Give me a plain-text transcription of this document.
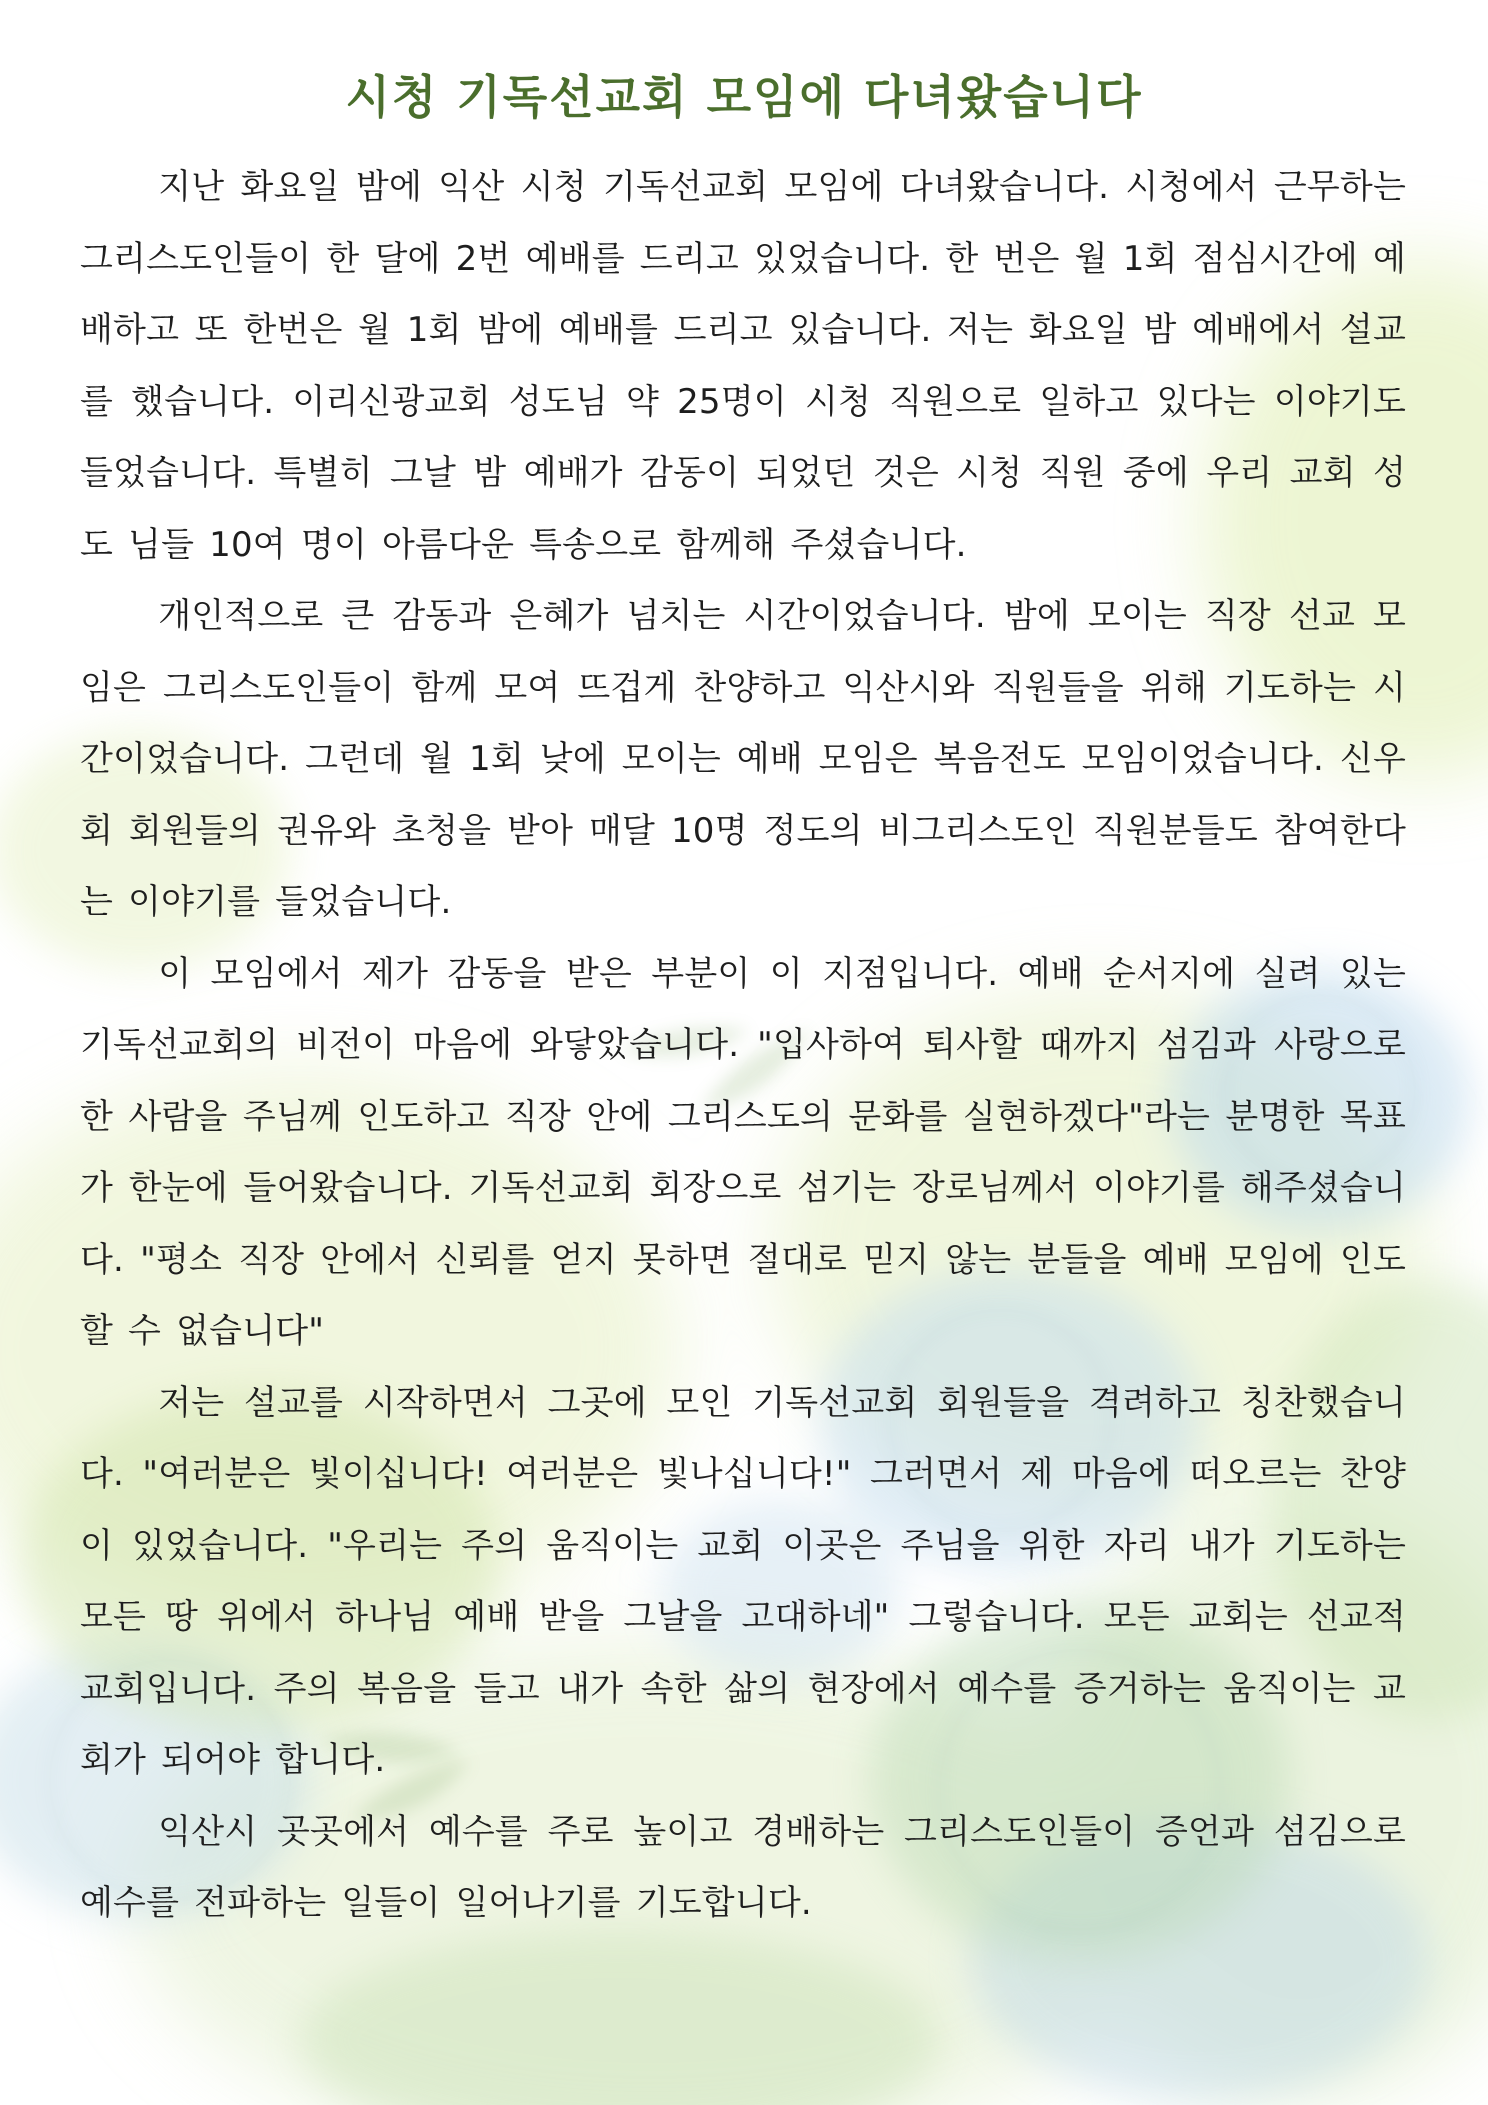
시청 기독선교회 모임에 다녀왔습니다

지난 화요일 밤에 익산 시청 기독선교회 모임에 다녀왔습니다. 시청에서 근무하는 그리스도인들이 한 달에 2번 예배를 드리고 있었습니다. 한 번은 월 1회 점심시간에 예배하고 또 한번은 월 1회 밤에 예배를 드리고 있습니다. 저는 화요일 밤 예배에서 설교를 했습니다. 이리신광교회 성도님 약 25명이 시청 직원으로 일하고 있다는 이야기도 들었습니다. 특별히 그날 밤 예배가 감동이 되었던 것은 시청 직원 중에 우리 교회 성도 님들 10여 명이 아름다운 특송으로 함께해 주셨습니다.

개인적으로 큰 감동과 은혜가 넘치는 시간이었습니다. 밤에 모이는 직장 선교 모임은 그리스도인들이 함께 모여 뜨겁게 찬양하고 익산시와 직원들을 위해 기도하는 시간이었습니다. 그런데 월 1회 낮에 모이는 예배 모임은 복음전도 모임이었습니다. 신우회 회원들의 권유와 초청을 받아 매달 10명 정도의 비그리스도인 직원분들도 참여한다는 이야기를 들었습니다.

이 모임에서 제가 감동을 받은 부분이 이 지점입니다. 예배 순서지에 실려 있는 기독선교회의 비전이 마음에 와닿았습니다. "입사하여 퇴사할 때까지 섬김과 사랑으로 한 사람을 주님께 인도하고 직장 안에 그리스도의 문화를 실현하겠다"라는 분명한 목표가 한눈에 들어왔습니다. 기독선교회 회장으로 섬기는 장로님께서 이야기를 해주셨습니다. "평소 직장 안에서 신뢰를 얻지 못하면 절대로 믿지 않는 분들을 예배 모임에 인도할 수 없습니다"

저는 설교를 시작하면서 그곳에 모인 기독선교회 회원들을 격려하고 칭찬했습니다. "여러분은 빛이십니다! 여러분은 빛나십니다!" 그러면서 제 마음에 떠오르는 찬양이 있었습니다. "우리는 주의 움직이는 교회 이곳은 주님을 위한 자리 내가 기도하는 모든 땅 위에서 하나님 예배 받을 그날을 고대하네" 그렇습니다. 모든 교회는 선교적 교회입니다. 주의 복음을 들고 내가 속한 삶의 현장에서 예수를 증거하는 움직이는 교회가 되어야 합니다.

익산시 곳곳에서 예수를 주로 높이고 경배하는 그리스도인들이 증언과 섬김으로 예수를 전파하는 일들이 일어나기를 기도합니다.
